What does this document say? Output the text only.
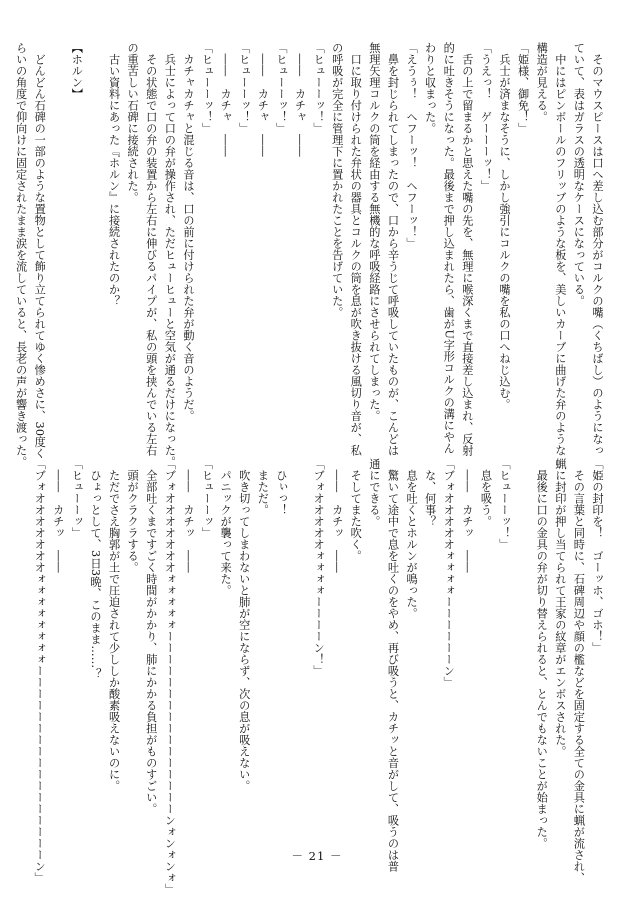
　そのマウスピースは口へ差し込む部分がコルクの嘴（くちばし）のようになっ

ていて、表はガラスの透明なケースになっている。

　中にはピンボールのフリッブのような板を、美しいカーブに曲げた弁のような

構造が見える。

「姫様、御免！」

　兵士が済まなそうに、しかし強引にコルクの嘴を私の口へねじ込む。

「うえっ！　ゲーーーッ！」

　舌の上で留まるかと思えた嘴の先を、無理に喉深くまで直接差し込まれ、反射

的に吐きそうになった。最後まで押し込まれたら、歯がU字形コルクの溝にやん

わりと収まった。

「えうぅ！　ヘフーッ！　ヘフーッ！」

　鼻を封じられてしまったので、口から辛うじて呼吸していたものが、こんどは

無理矢理コルクの筒を経由する無機的な呼吸経路にさせられてしまった。

　口に取り付けられた弁状の器具とコルクの筒を息が吹き抜ける風切り音が、私

の呼吸が完全に管理下に置かれたことを告げていた。

「ヒューーッ！」

　――　カチャ　――

「ヒューーッ！」

　――　カチャ　――

「ヒューーッ！」

　――　カチャ　――

「ヒューーッ！」

　カチャカチャと混じる音は、口の前に付けられた弁が動く音のようだ。

　兵士によって口の弁が操作され、ただヒューヒューと空気が通るだけになった。

　その状態で口の弁の装置から左右に伸びるパイプが、私の頭を挟んでいる左右

の重苦しい石碑に接続された。

　古い資料にあった『ホルン』に接続されたのか？

【ホルン】

　どんどん石碑の一部のような置物として飾り立てられてゆく惨めさに、30度く

らいの角度で仰向けに固定されたまま涙を流していると、長老の声が響き渡った。

「姫の封印を！　ゴーッホ、ゴホ！」

　その言葉と同時に、石碑周辺や顔の檻などを固定する全ての金具に蝋が流され、

蝋に封印が押し当てられて王家の紋章がエンボスされた。

　最後に口の金具の弁が切り替えられると、とんでもないことが始まった。

「ヒューーッ！」

　息を吸う。

　――　カチッ　――

「ブォオオオオオォォォォーーーーーーン」

　な、何事？

　息を吐くとホルンが鳴った。

　驚いて途中で息を吐くのをやめ、再び吸うと、カチッと音がして、吸うのは普

通にできる。

　そしてまた吹く。

　――　カチッ　――

「ブォオオオオオォォォォーーーーン！」

　ひぃっ！

　まただ。

　吹き切ってしまわないと肺が空にならず、次の息が吸えない。

　パニックが襲って来た。

「ヒューーッ」

　――　カチッ　――

「ブォオオオオオオオォォォォォーーーーーーーーーーーーーーーーンォンォンォ」

　全部吐くまですごく時間がかかり、肺にかかる負担がものすごい。

　頭がクラクラする。

　ただでさえ胸郭が土で圧迫されて少ししか酸素吸えないのに。

　ひょっとして、3日3晩、このまま……？

「ヒューーッ」

　――　カチッ　――

「ブォオオオオオオオォォォォォォォォーーーーーーーーーーーーーーーーーン」	－ 21 －
